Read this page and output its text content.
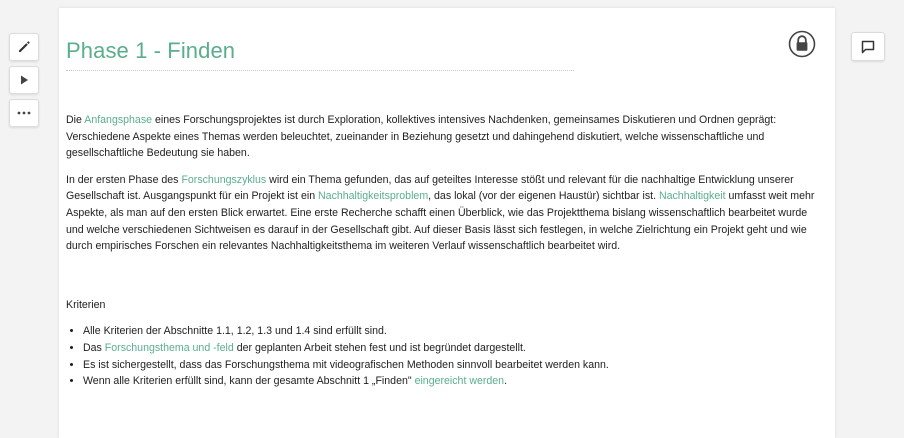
Phase 1 - Finden

Die Anfangsphase eines Forschungsprojektes ist durch Exploration, kollektives intensives Nachdenken, gemeinsames Diskutieren und Ordnen geprägt: Verschiedene Aspekte eines Themas werden beleuchtet, zueinander in Beziehung gesetzt und dahingehend diskutiert, welche wissenschaftliche und gesellschaftliche Bedeutung sie haben.

In der ersten Phase des Forschungszyklus wird ein Thema gefunden, das auf geteiltes Interesse stößt und relevant für die nachhaltige Entwicklung unserer Gesellschaft ist. Ausgangspunkt für ein Projekt ist ein Nachhaltigkeitsproblem, das lokal (vor der eigenen Haustür) sichtbar ist. Nachhaltigkeit umfasst weit mehr Aspekte, als man auf den ersten Blick erwartet. Eine erste Recherche schafft einen Überblick, wie das Projektthema bislang wissenschaftlich bearbeitet wurde und welche verschiedenen Sichtweisen es darauf in der Gesellschaft gibt. Auf dieser Basis lässt sich festlegen, in welche Zielrichtung ein Projekt geht und wie durch empirisches Forschen ein relevantes Nachhaltigkeitsthema im weiteren Verlauf wissenschaftlich bearbeitet wird.

Kriterien

• Alle Kriterien der Abschnitte 1.1, 1.2, 1.3 und 1.4 sind erfüllt sind.
• Das Forschungsthema und -feld der geplanten Arbeit stehen fest und ist begründet dargestellt.
• Es ist sichergestellt, dass das Forschungsthema mit videografischen Methoden sinnvoll bearbeitet werden kann.
• Wenn alle Kriterien erfüllt sind, kann der gesamte Abschnitt 1 „Finden" eingereicht werden.
